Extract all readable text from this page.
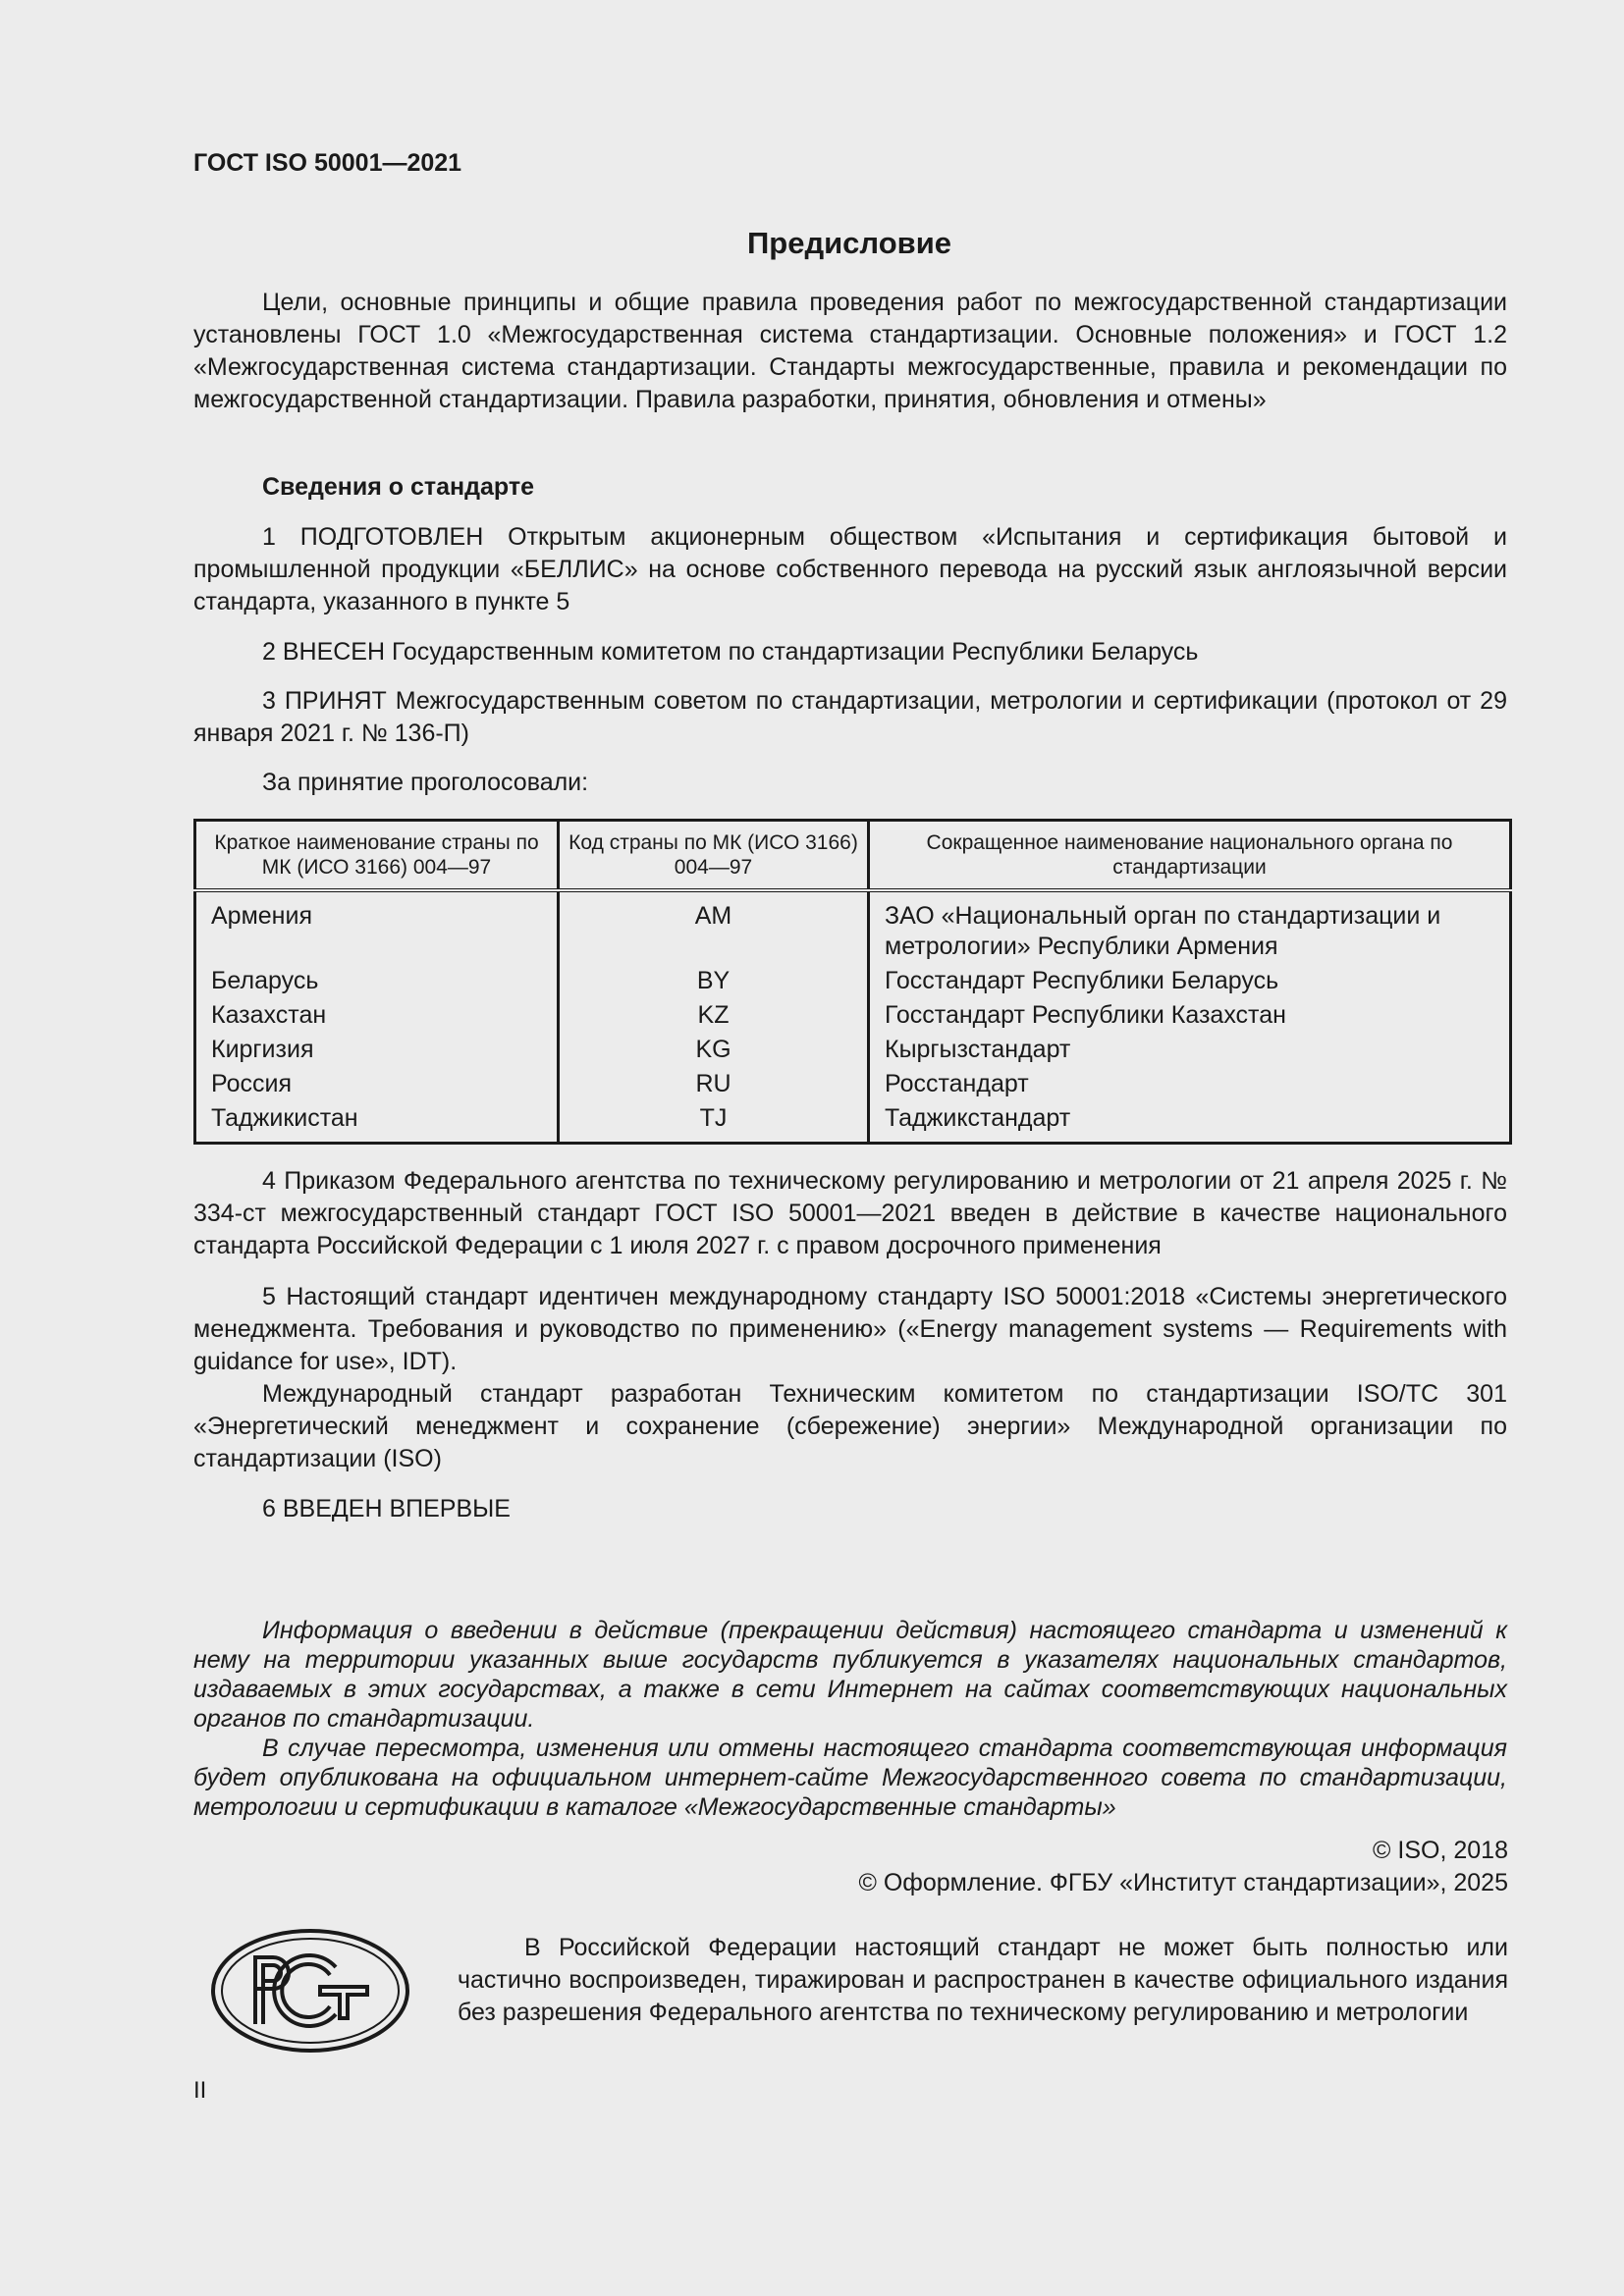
ГОСТ ISO 50001—2021
Предисловие

Цели, основные принципы и общие правила проведения работ по межгосударственной стандартизации установлены ГОСТ 1.0 «Межгосударственная система стандартизации. Основные положения» и ГОСТ 1.2 «Межгосударственная система стандартизации. Стандарты межгосударственные, правила и рекомендации по межгосударственной стандартизации. Правила разработки, принятия, обновления и отмены»

Сведения о стандарте

1 ПОДГОТОВЛЕН Открытым акционерным обществом «Испытания и сертификация бытовой и промышленной продукции «БЕЛЛИС» на основе собственного перевода на русский язык англоязычной версии стандарта, указанного в пункте 5

2 ВНЕСЕН Государственным комитетом по стандартизации Республики Беларусь

3 ПРИНЯТ Межгосударственным советом по стандартизации, метрологии и сертификации (протокол от 29 января 2021 г. № 136-П)

За принятие проголосовали:

Краткое наименование страны по МК (ИСО 3166) 004—97	Код страны по МК (ИСО 3166) 004—97	Сокращенное наименование национального органа по стандартизации
Армения	AM	ЗАО «Национальный орган по стандартизации и метрологии» Республики Армения
Беларусь	BY	Госстандарт Республики Беларусь
Казахстан	KZ	Госстандарт Республики Казахстан
Киргизия	KG	Кыргызстандарт
Россия	RU	Росстандарт
Таджикистан	TJ	Таджикстандарт

4 Приказом Федерального агентства по техническому регулированию и метрологии от 21 апреля 2025 г. № 334-ст межгосударственный стандарт ГОСТ ISO 50001—2021 введен в действие в качестве национального стандарта Российской Федерации с 1 июля 2027 г. с правом досрочного применения

5 Настоящий стандарт идентичен международному стандарту ISO 50001:2018 «Системы энергетического менеджмента. Требования и руководство по применению» («Energy management systems — Requirements with guidance for use», IDT).

Международный стандарт разработан Техническим комитетом по стандартизации ISO/TC 301 «Энергетический менеджмент и сохранение (сбережение) энергии» Международной организации по стандартизации (ISO)

6 ВВЕДЕН ВПЕРВЫЕ

Информация о введении в действие (прекращении действия) настоящего стандарта и изменений к нему на территории указанных выше государств публикуется в указателях национальных стандартов, издаваемых в этих государствах, а также в сети Интернет на сайтах соответствующих национальных органов по стандартизации.

В случае пересмотра, изменения или отмены настоящего стандарта соответствующая информация будет опубликована на официальном интернет-сайте Межгосударственного совета по стандартизации, метрологии и сертификации в каталоге «Межгосударственные стандарты»

© ISO, 2018
© Оформление. ФГБУ «Институт стандартизации», 2025
В Российской Федерации настоящий стандарт не может быть полностью или частично воспроизведен, тиражирован и распространен в качестве официального издания без разрешения Федерального агентства по техническому регулированию и метрологии
II
